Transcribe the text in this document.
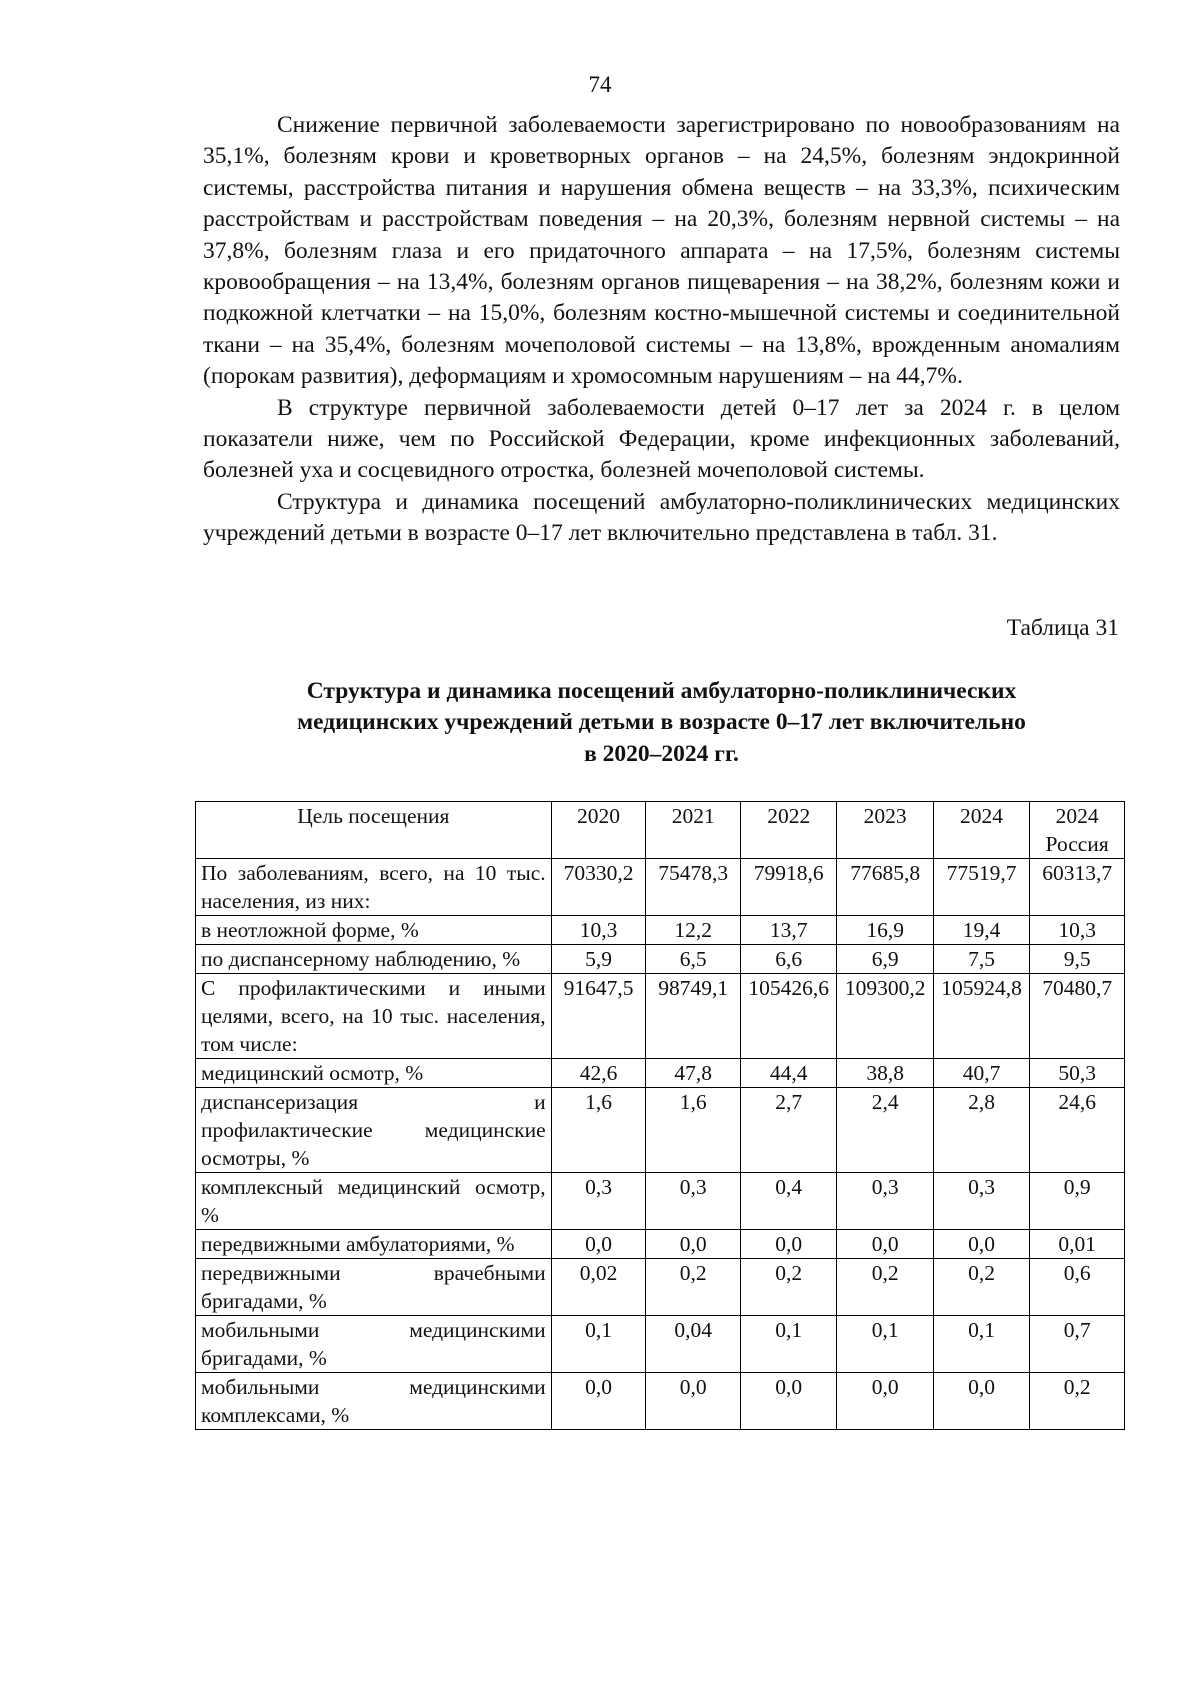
74

Снижение первичной заболеваемости зарегистрировано по новообразованиям на 35,1%, болезням крови и кроветворных органов – на 24,5%, болезням эндокринной системы, расстройства питания и нарушения обмена веществ – на 33,3%, психическим расстройствам и расстройствам поведения – на 20,3%, болезням нервной системы – на 37,8%, болезням глаза и его придаточного аппарата – на 17,5%, болезням системы кровообращения – на 13,4%, болезням органов пищеварения – на 38,2%, болезням кожи и подкожной клетчатки – на 15,0%, болезням костно-мышечной системы и соединительной ткани – на 35,4%, болезням мочеполовой системы – на 13,8%, врожденным аномалиям (порокам развития), деформациям и хромосомным нарушениям – на 44,7%.

В структуре первичной заболеваемости детей 0–17 лет за 2024 г. в целом показатели ниже, чем по Российской Федерации, кроме инфекционных заболеваний, болезней уха и сосцевидного отростка, болезней мочеполовой системы.

Структура и динамика посещений амбулаторно-поликлинических медицинских учреждений детьми в возрасте 0–17 лет включительно представлена в табл. 31.

Таблица 31
Структура и динамика посещений амбулаторно-поликлинических
медицинских учреждений детьми в возрасте 0–17 лет включительно
в 2020–2024 гг.
Цель посещения	2020	2021	2022	2023	2024	2024 Россия
По заболеваниям, всего, на 10 тыс. населения, из них:	70330,2	75478,3	79918,6	77685,8	77519,7	60313,7
в неотложной форме, %	10,3	12,2	13,7	16,9	19,4	10,3
по диспансерному наблюдению, %	5,9	6,5	6,6	6,9	7,5	9,5
С профилактическими и иными целями, всего, на 10 тыс. населения, том числе:	91647,5	98749,1	105426,6	109300,2	105924,8	70480,7
медицинский осмотр, %	42,6	47,8	44,4	38,8	40,7	50,3
диспансеризация и профилактические медицинские осмотры, %	1,6	1,6	2,7	2,4	2,8	24,6
комплексный медицинский осмотр, %	0,3	0,3	0,4	0,3	0,3	0,9
передвижными амбулаториями, %	0,0	0,0	0,0	0,0	0,0	0,01
передвижными врачебными бригадами, %	0,02	0,2	0,2	0,2	0,2	0,6
мобильными медицинскими бригадами, %	0,1	0,04	0,1	0,1	0,1	0,7
мобильными медицинскими комплексами, %	0,0	0,0	0,0	0,0	0,0	0,2
